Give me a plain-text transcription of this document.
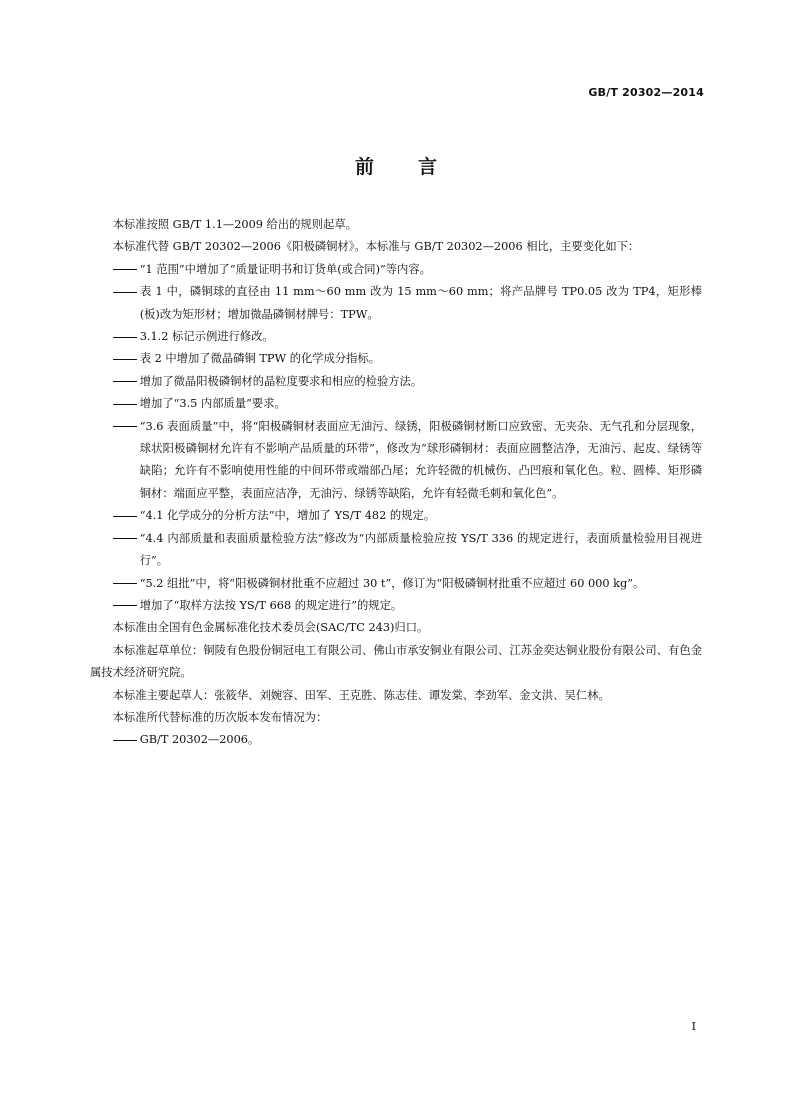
GB/T 20302—2014
前言

本标准按照 GB/T 1.1—2009 给出的规则起草。

本标准代替 GB/T 20302—2006《阳极磷铜材》。本标准与 GB/T 20302—2006 相比，主要变化如下：

“1 范围”中增加了“质量证明书和订货单(或合同)”等内容。

表 1 中，磷铜球的直径由 11 mm～60 mm 改为 15 mm～60 mm；将产品牌号 TP0.05 改为 TP4，矩形棒(板)改为矩形材；增加微晶磷铜材牌号：TPW。

3.1.2 标记示例进行修改。

表 2 中增加了微晶磷铜 TPW 的化学成分指标。

增加了微晶阳极磷铜材的晶粒度要求和相应的检验方法。

增加了“3.5 内部质量”要求。

“3.6 表面质量”中，将“阳极磷铜材表面应无油污、绿锈，阳极磷铜材断口应致密、无夹杂、无气孔和分层现象，球状阳极磷铜材允许有不影响产品质量的环带”，修改为“球形磷铜材：表面应圆整洁净，无油污、起皮、绿锈等缺陷；允许有不影响使用性能的中间环带或端部凸尾；允许轻微的机械伤、凸凹痕和氧化色。粒、圆棒、矩形磷铜材：端面应平整，表面应洁净，无油污、绿锈等缺陷，允许有轻微毛刺和氧化色”。

“4.1 化学成分的分析方法”中，增加了 YS/T 482 的规定。

“4.4 内部质量和表面质量检验方法”修改为“内部质量检验应按 YS/T 336 的规定进行，表面质量检验用目视进行”。

“5.2 组批”中，将“阳极磷铜材批重不应超过 30 t”，修订为“阳极磷铜材批重不应超过 60 000 kg”。

增加了“取样方法按 YS/T 668 的规定进行”的规定。

本标准由全国有色金属标准化技术委员会(SAC/TC 243)归口。

本标准起草单位：铜陵有色股份铜冠电工有限公司、佛山市承安铜业有限公司、江苏金奕达铜业股份有限公司、有色金属技术经济研究院。

本标准主要起草人：张筱华、刘婉容、田军、王克胜、陈志佳、谭发棠、李劲军、金文洪、吴仁林。

本标准所代替标准的历次版本发布情况为：

GB/T 20302—2006。

I
